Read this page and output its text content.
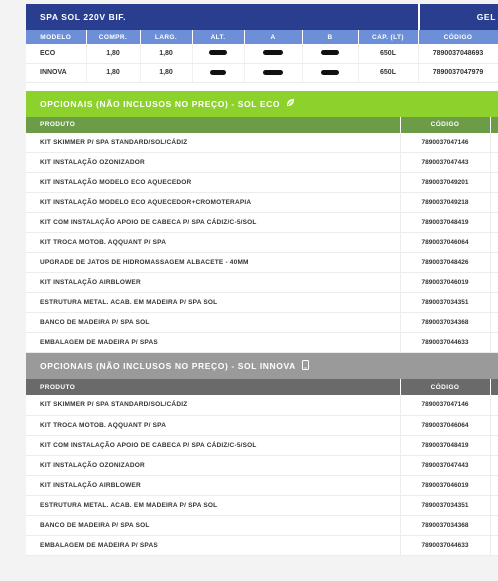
SPA SOL 220V BIF.	GEL
MODELO	COMPR.	LARG.	ALT.	A	B	CAP. (LT)	CÓDIGO
ECO	1,80	1,80				650L	7890037048693
INNOVA	1,80	1,80				650L	7890037047979
OPCIONAIS (NÃO INCLUSOS NO PREÇO) - SOL ECO
PRODUTO	CÓDIGO	
KIT SKIMMER P/ SPA STANDARD/SOL/CÁDIZ	7890037047146	
KIT INSTALAÇÃO OZONIZADOR	7890037047443	
KIT INSTALAÇÃO MODELO ECO AQUECEDOR	7890037049201	
KIT INSTALAÇÃO MODELO ECO AQUECEDOR+CROMOTERAPIA	7890037049218	
KIT COM INSTALAÇÃO APOIO DE CABECA P/ SPA CÁDIZ/C-5/SOL	7890037048419	
KIT TROCA MOTOB. AQQUANT P/ SPA	7890037046064	
UPGRADE DE JATOS DE HIDROMASSAGEM ALBACETE - 40MM	7890037048426	
KIT INSTALAÇÃO AIRBLOWER	7890037046019	
ESTRUTURA METAL. ACAB. EM MADEIRA P/ SPA SOL	7890037034351	
BANCO DE MADEIRA P/ SPA SOL	7890037034368	
EMBALAGEM DE MADEIRA P/ SPAS	7890037044633	
OPCIONAIS (NÃO INCLUSOS NO PREÇO) - SOL INNOVA
PRODUTO	CÓDIGO	
KIT SKIMMER P/ SPA STANDARD/SOL/CÁDIZ	7890037047146	
KIT TROCA MOTOB. AQQUANT P/ SPA	7890037046064	
KIT COM INSTALAÇÃO APOIO DE CABECA P/ SPA CÁDIZ/C-5/SOL	7890037048419	
KIT INSTALAÇÃO OZONIZADOR	7890037047443	
KIT INSTALAÇÃO AIRBLOWER	7890037046019	
ESTRUTURA METAL. ACAB. EM MADEIRA P/ SPA SOL	7890037034351	
BANCO DE MADEIRA P/ SPA SOL	7890037034368	
EMBALAGEM DE MADEIRA P/ SPAS	7890037044633	
